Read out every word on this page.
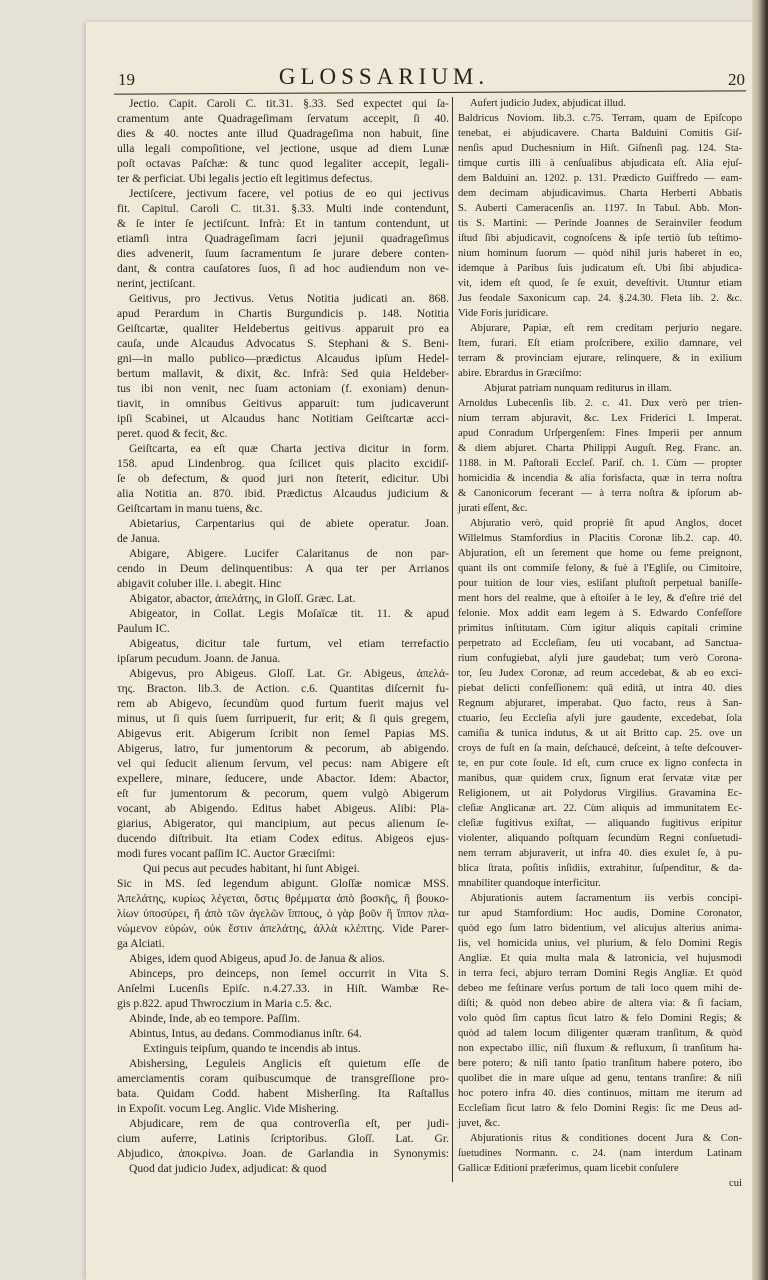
19	GLOSSARIUM.	20
Jectio. Capit. Caroli C. tit.31. §.33. Sed expectet qui ſa-
cramentum ante Quadrageſimam ſervatum accepit, ſi 40.
dies & 40. noctes ante illud Quadrageſima non habuit, ſine
ulla legali compoſitione, vel jectione, usque ad diem Lunæ
poſt octavas Paſchæ: & tunc quod legaliter accepit, legali-
ter & perficiat. Ubi legalis jectio eſt legitimus defectus.
Jectiſcere, jectivum facere, vel potius de eo qui jectivus
fit. Capitul. Caroli C. tit.31. §.33. Multi inde contendunt,
& ſe inter ſe jectiſcunt. Infrà: Et in tantum contendunt, ut
etiamſi intra Quadrageſimam ſacri jejunii quadrageſimus
dies advenerit, ſuum ſacramentum ſe jurare debere conten-
dant, & contra cauſatores ſuos, ſi ad hoc audiendum non ve-
nerint, jectiſcant.
Geitivus, pro Jectivus. Vetus Notitia judicati an. 868.
apud Perardum in Chartis Burgundicis p. 148. Notitia
Geiſtcartæ, qualiter Heldebertus geitivus apparuit pro ea
cauſa, unde Alcaudus Advocatus S. Stephani & S. Beni-
gni—in mallo publico—prædictus Alcaudus ipſum Hedel-
bertum mallavit, & dixit, &c. Infrà: Sed quia Heldeber-
tus ibi non venit, nec ſuam actoniam (f. exoniam) denun-
tiavit, in omnibus Geitivus apparuit: tum judicaverunt
ipſi Scabinei, ut Alcaudus hanc Notitiam Geiſtcartæ acci-
peret. quod & fecit, &c.
Geiſtcarta, ea eſt quæ Charta jectiva dicitur in form.
158. apud Lindenbrog. qua ſcilicet quis placito excidiſ-
ſe ob defectum, & quod juri non ſteterit, edicitur. Ubi
alia Notitia an. 870. ibid. Prædictus Alcaudus judicium &
Geiſtcartam in manu tuens, &c.
Abietarius, Carpentarius qui de abiete operatur. Joan.
de Janua.
Abigare, Abigere. Lucifer Calaritanus de non par-
cendo in Deum delinquentibus: A qua ter per Arrianos
abigavit coluber ille. i. abegit. Hinc
Abigator, abactor, ἀπελάτης, in Gloſſ. Græc. Lat.
Abigeator, in Collat. Legis Moſaïcæ tit. 11. & apud
Paulum IC.
Abigeatus, dicitur tale furtum, vel etiam terrefactio
ipſarum pecudum. Joann. de Janua.
Abigevus, pro Abigeus. Gloſſ. Lat. Gr. Abigeus, ἀπελά-
της. Bracton. lib.3. de Action. c.6. Quantitas diſcernit fu-
rem ab Abigevo, ſecundùm quod furtum fuerit majus vel
minus, ut ſi quis ſuem ſurripuerit, fur erit; & ſi quis gregem,
Abigevus erit. Abigerum ſcribit non ſemel Papias MS.
Abigerus, latro, fur jumentorum & pecorum, ab abigendo.
vel qui ſeducit alienum ſervum, vel pecus: nam Abigere eſt
expellere, minare, ſeducere, unde Abactor. Idem: Abactor,
eſt fur jumentorum & pecorum, quem vulgò Abigerum
vocant, ab Abigendo. Editus habet Abigeus. Alibi: Pla-
giarius, Abigerator, qui mancipium, aut pecus alienum ſe-
ducendo diſtribuit. Ita etiam Codex editus. Abigeos ejus-
modi fures vocant paſſim IC. Auctor Græciſmi:
Qui pecus aut pecudes habitant, hi ſunt Abigei.
Sic in MS. ſed legendum abigunt. Gloſſæ nomicæ MSS.
Ἀπελάτης, κυρίως λέγεται, ὅστις θρέμματα ἀπὸ βοσκῆς, ἢ βουκο-
λίων ὑποσύρει, ἢ ἀπὸ τῶν ἀγελῶν ἵππους, ὁ γὰρ βοῦν ἢ ἵππον πλα-
νώμενον εὑρὼν, οὐκ ἔστιν ἀπελάτης, ἀλλὰ κλέπτης. Vide Parer-
ga Alciati.
Abiges, idem quod Abigeus, apud Jo. de Janua & alios.
Abinceps, pro deinceps, non ſemel occurrit in Vita S.
Anſelmi Lucenſis Epiſc. n.4.27.33. in Hiſt. Wambæ Re-
gis p.822. apud Thwroczium in Maria c.5. &c.
Abinde, Inde, ab eo tempore. Paſſim.
Abintus, Intus, au dedans. Commodianus inſtr. 64.
Extinguis teipſum, quando te incendis ab intus.
Abishersing, Leguleis Anglicis eſt quietum eſſe de
amerciamentis coram quibuscumque de transgreſſione pro-
bata. Quidam Codd. habent Misherſing. Ita Raſtallus
in Expoſit. vocum Leg. Anglic. Vide Mishering.
Abjudicare, rem de qua controverſia eſt, per judi-
cium auferre, Latinis ſcriptoribus. Gloſſ. Lat. Gr.
Abjudico, ἀποκρίνω. Joan. de Garlandia in Synonymis:
Quod dat judicio Judex, adjudicat: & quod
Aufert judicio Judex, abjudicat illud.
Baldricus Noviom. lib.3. c.75. Terram, quam de Epiſcopo
tenebat, ei abjudicavere. Charta Balduini Comitis Giſ-
nenſis apud Duchesnium in Hiſt. Giſnenſi pag. 124. Sta-
timque curtis illi à cenſualibus abjudicata eſt. Alia ejuſ-
dem Balduini an. 1202. p. 131. Prædicto Guiffredo — eam-
dem decimam abjudicavimus. Charta Herberti Abbatis
S. Auberti Cameracenſis an. 1197. In Tabul. Abb. Mon-
tis S. Martini: — Perinde Joannes de Serainviler feodum
iſtud ſibi abjudicavit, cognoſcens & ipſe tertiò ſub teſtimo-
nium hominum ſuorum — quòd nihil juris haberet in eo,
idemque à Paribus ſuis judicatum eſt. Ubi ſibi abjudica-
vit, idem eſt quod, ſe ſe exuit, deveſtivit. Utuntur etiam
Jus feodale Saxonicum cap. 24. §.24.30. Fleta lib. 2. &c.
Vide Foris juridicare.
Abjurare, Papiæ, eſt rem creditam perjurio negare.
Item, furari. Eſt etiam proſcribere, exilio damnare, vel
terram & provinciam ejurare, relinquere, & in exilium
abire. Ebrardus in Græciſmo:
Abjurat patriam nunquam rediturus in illam.
Arnoldus Lubecenſis lib. 2. c. 41. Dux verò per trien-
nium terram abjuravit, &c. Lex Friderici I. Imperat.
apud Conradum Urſpergenſem: Fines Imperii per annum
& diem abjuret. Charta Philippi Auguſt. Reg. Franc. an.
1188. in M. Paſtorali Eccleſ. Pariſ. ch. 1. Cùm — propter
homicidia & incendia & alia forisfacta, quæ in terra noſtra
& Canonicorum fecerant — à terra noſtra & ipſorum ab-
jurati eſſent, &c.
Abjuratio verò, quid propriè ſit apud Anglos, docet
Willelmus Stamfordius in Placitis Coronæ lib.2. cap. 40.
Abjuration, eſt un ſerement que home ou feme preignont,
quant ils ont commiſe felony, & fuè à l'Egliſe, ou Cimitoire,
pour tuition de lour vies, esliſant pluſtoſt perpetual baniſſe-
ment hors del realme, que à eſtoiſer à le ley, & d'eſtre trié del
felonie. Mox addit eam legem à S. Edwardo Confeſſore
primitus inſtitutam. Cùm igitur aliquis capitali crimine
perpetrato ad Eccleſiam, ſeu uti vocabant, ad Sanctua-
rium confugiebat, aſyli jure gaudebat; tum verò Corona-
tor, ſeu Judex Coronæ, ad reum accedebat, & ab eo exci-
piebat delicti confeſſionem: quâ editâ, ut intra 40. dies
Regnum abjuraret, imperabat. Quo facto, reus à San-
ctuario, ſeu Eccleſia aſyli jure gaudente, excedebat, ſola
camiſia & tunica indutus, & ut ait Britto cap. 25. ove un
croys de fuſt en ſa main, deſchaucé, deſceint, à teſte deſcouver-
te, en pur cote ſoule. Id eſt, cum cruce ex ligno confecta in
manibus, quæ quidem crux, ſignum erat ſervatæ vitæ per
Religionem, ut ait Polydorus Virgilius. Gravamina Ec-
cleſiæ Anglicanæ art. 22. Cùm aliquis ad immunitatem Ec-
cleſiæ fugitivus exiſtat, — aliquando fugitivus eripitur
violenter, aliquando poſtquam ſecundùm Regni conſuetudi-
nem terram abjuraverit, ut infra 40. dies exulet ſe, à pu-
blica ſtrata, poſitis inſidiis, extrahitur, ſuſpenditur, & da-
mnabiliter quandoque interficitur.
Abjurationis autem ſacramentum iis verbis concipi-
tur apud Stamfordium: Hoc audis, Domine Coronator,
quòd ego ſum latro bidentium, vel alicujus alterius anima-
lis, vel homicida unius, vel plurium, & felo Domini Regis
Angliæ. Et quia multa mala & latronicia, vel hujusmodi
in terra feci, abjuro terram Domini Regis Angliæ. Et quòd
debeo me feſtinare verſus portum de tali loco quem mihi de-
diſti; & quòd non debeo abire de altera via: & ſi faciam,
volo quòd ſim captus ſicut latro & felo Domini Regis; &
quòd ad talem locum diligenter quæram tranſitum, & quòd
non expectabo illic, niſi fluxum & refluxum, ſi tranſitum ha-
bere potero; & niſi tanto ſpatio tranſitum habere potero, ibo
quolibet die in mare uſque ad genu, tentans tranſire: & niſi
hoc potero infra 40. dies continuos, mittam me iterum ad
Eccleſiam ſicut latro & felo Domini Regis: ſic me Deus ad-
juvet, &c.
Abjurationis ritus & conditiones docent Jura & Con-
ſuetudines Normann. c. 24. (nam interdum Latinam
Gallicæ Editioni præferimus, quam licebit conſulere
cui
